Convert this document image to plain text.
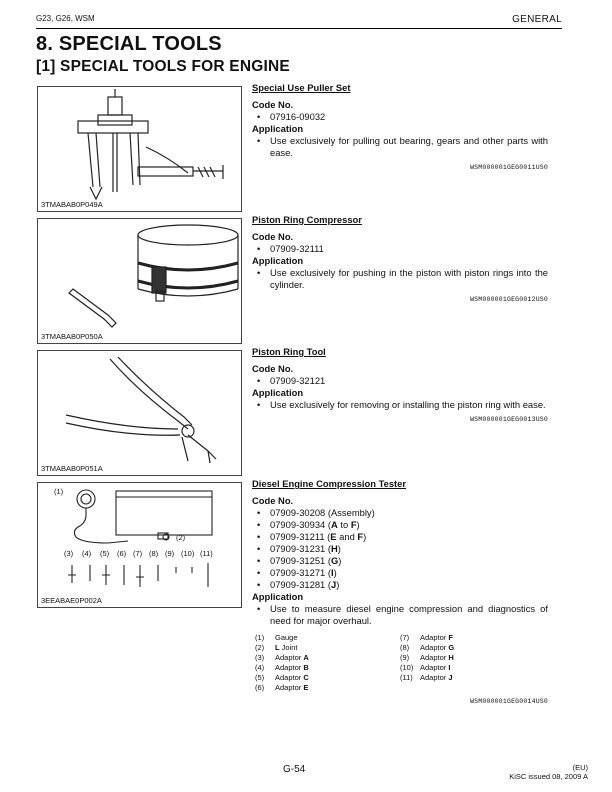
G23, G26, WSM	GENERAL
8. SPECIAL TOOLS
[1] SPECIAL TOOLS FOR ENGINE
3TMABAB0P049A
3TMABAB0P050A
3TMABAB0P051A
(1)
(2)
(3) (4) (5) (6) (7) (8) (9) (10) (11)
3EEABAE0P002A
Special Use Puller Set
Code No.
• 07916-09032
Application
• Use exclusively for pulling out bearing, gears and other parts with ease.
WSM000001GEG0011US0
Piston Ring Compressor
Code No.
• 07909-32111
Application
• Use exclusively for pushing in the piston with piston rings into the cylinder.
WSM000001GEG0012US0
Piston Ring Tool
Code No.
• 07909-32121
Application
• Use exclusively for removing or installing the piston ring with ease.
WSM000001GEG0013US0
Diesel Engine Compression Tester
Code No.
• 07909-30208 (Assembly)
• 07909-30934 (A to F)
• 07909-31211 (E and F)
• 07909-31231 (H)
• 07909-31251 (G)
• 07909-31271 (I)
• 07909-31281 (J)
Application
• Use to measure diesel engine compression and diagnostics of need for major overhaul.
(1) Gauge
(2) L Joint
(3) Adaptor A
(4) Adaptor B
(5) Adaptor C
(6) Adaptor E
(7) Adaptor F
(8) Adaptor G
(9) Adaptor H
(10) Adaptor I
(11) Adaptor J
WSM000001GEG0014US0
G-54	(EU)
KiSC issued 08, 2009 A
